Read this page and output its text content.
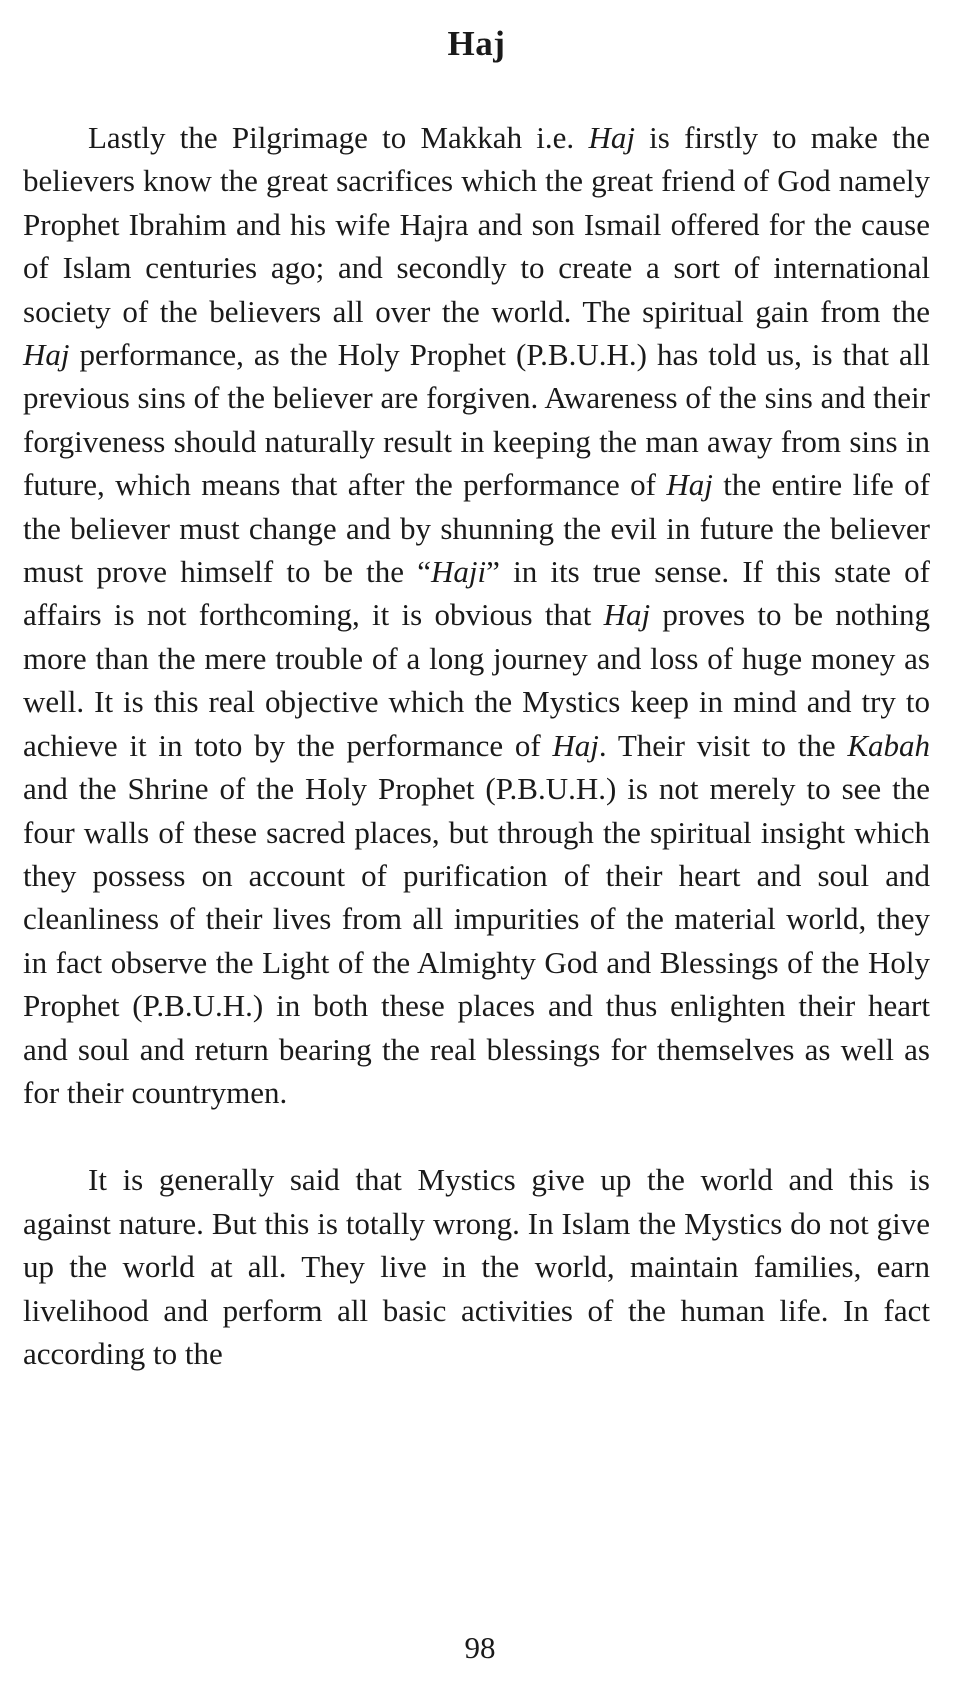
Haj

Lastly the Pilgrimage to Makkah i.e. Haj is firstly to make the believers know the great sacrifices which the great friend of God namely Prophet Ibrahim and his wife Hajra and son Ismail offered for the cause of Islam centuries ago; and secondly to create a sort of international society of the believers all over the world. The spiritual gain from the Haj performance, as the Holy Prophet (P.B.U.H.) has told us, is that all previous sins of the believer are forgiven. Awareness of the sins and their forgiveness should naturally result in keeping the man away from sins in future, which means that after the performance of Haj the entire life of the believer must change and by shunning the evil in future the believer must prove himself to be the “Haji” in its true sense. If this state of affairs is not forthcoming, it is obvious that Haj proves to be nothing more than the mere trouble of a long journey and loss of huge money as well. It is this real objective which the Mystics keep in mind and try to achieve it in toto by the performance of Haj. Their visit to the Kabah and the Shrine of the Holy Prophet (P.B.U.H.) is not merely to see the four walls of these sacred places, but through the spiritual insight which they possess on account of purification of their heart and soul and cleanliness of their lives from all impurities of the material world, they in fact observe the Light of the Almighty God and Blessings of the Holy Prophet (P.B.U.H.) in both these places and thus enlighten their heart and soul and return bearing the real blessings for themselves as well as for their countrymen.

It is generally said that Mystics give up the world and this is against nature. But this is totally wrong. In Islam the Mystics do not give up the world at all. They live in the world, maintain families, earn livelihood and perform all basic activities of the human life. In fact according to the

98
